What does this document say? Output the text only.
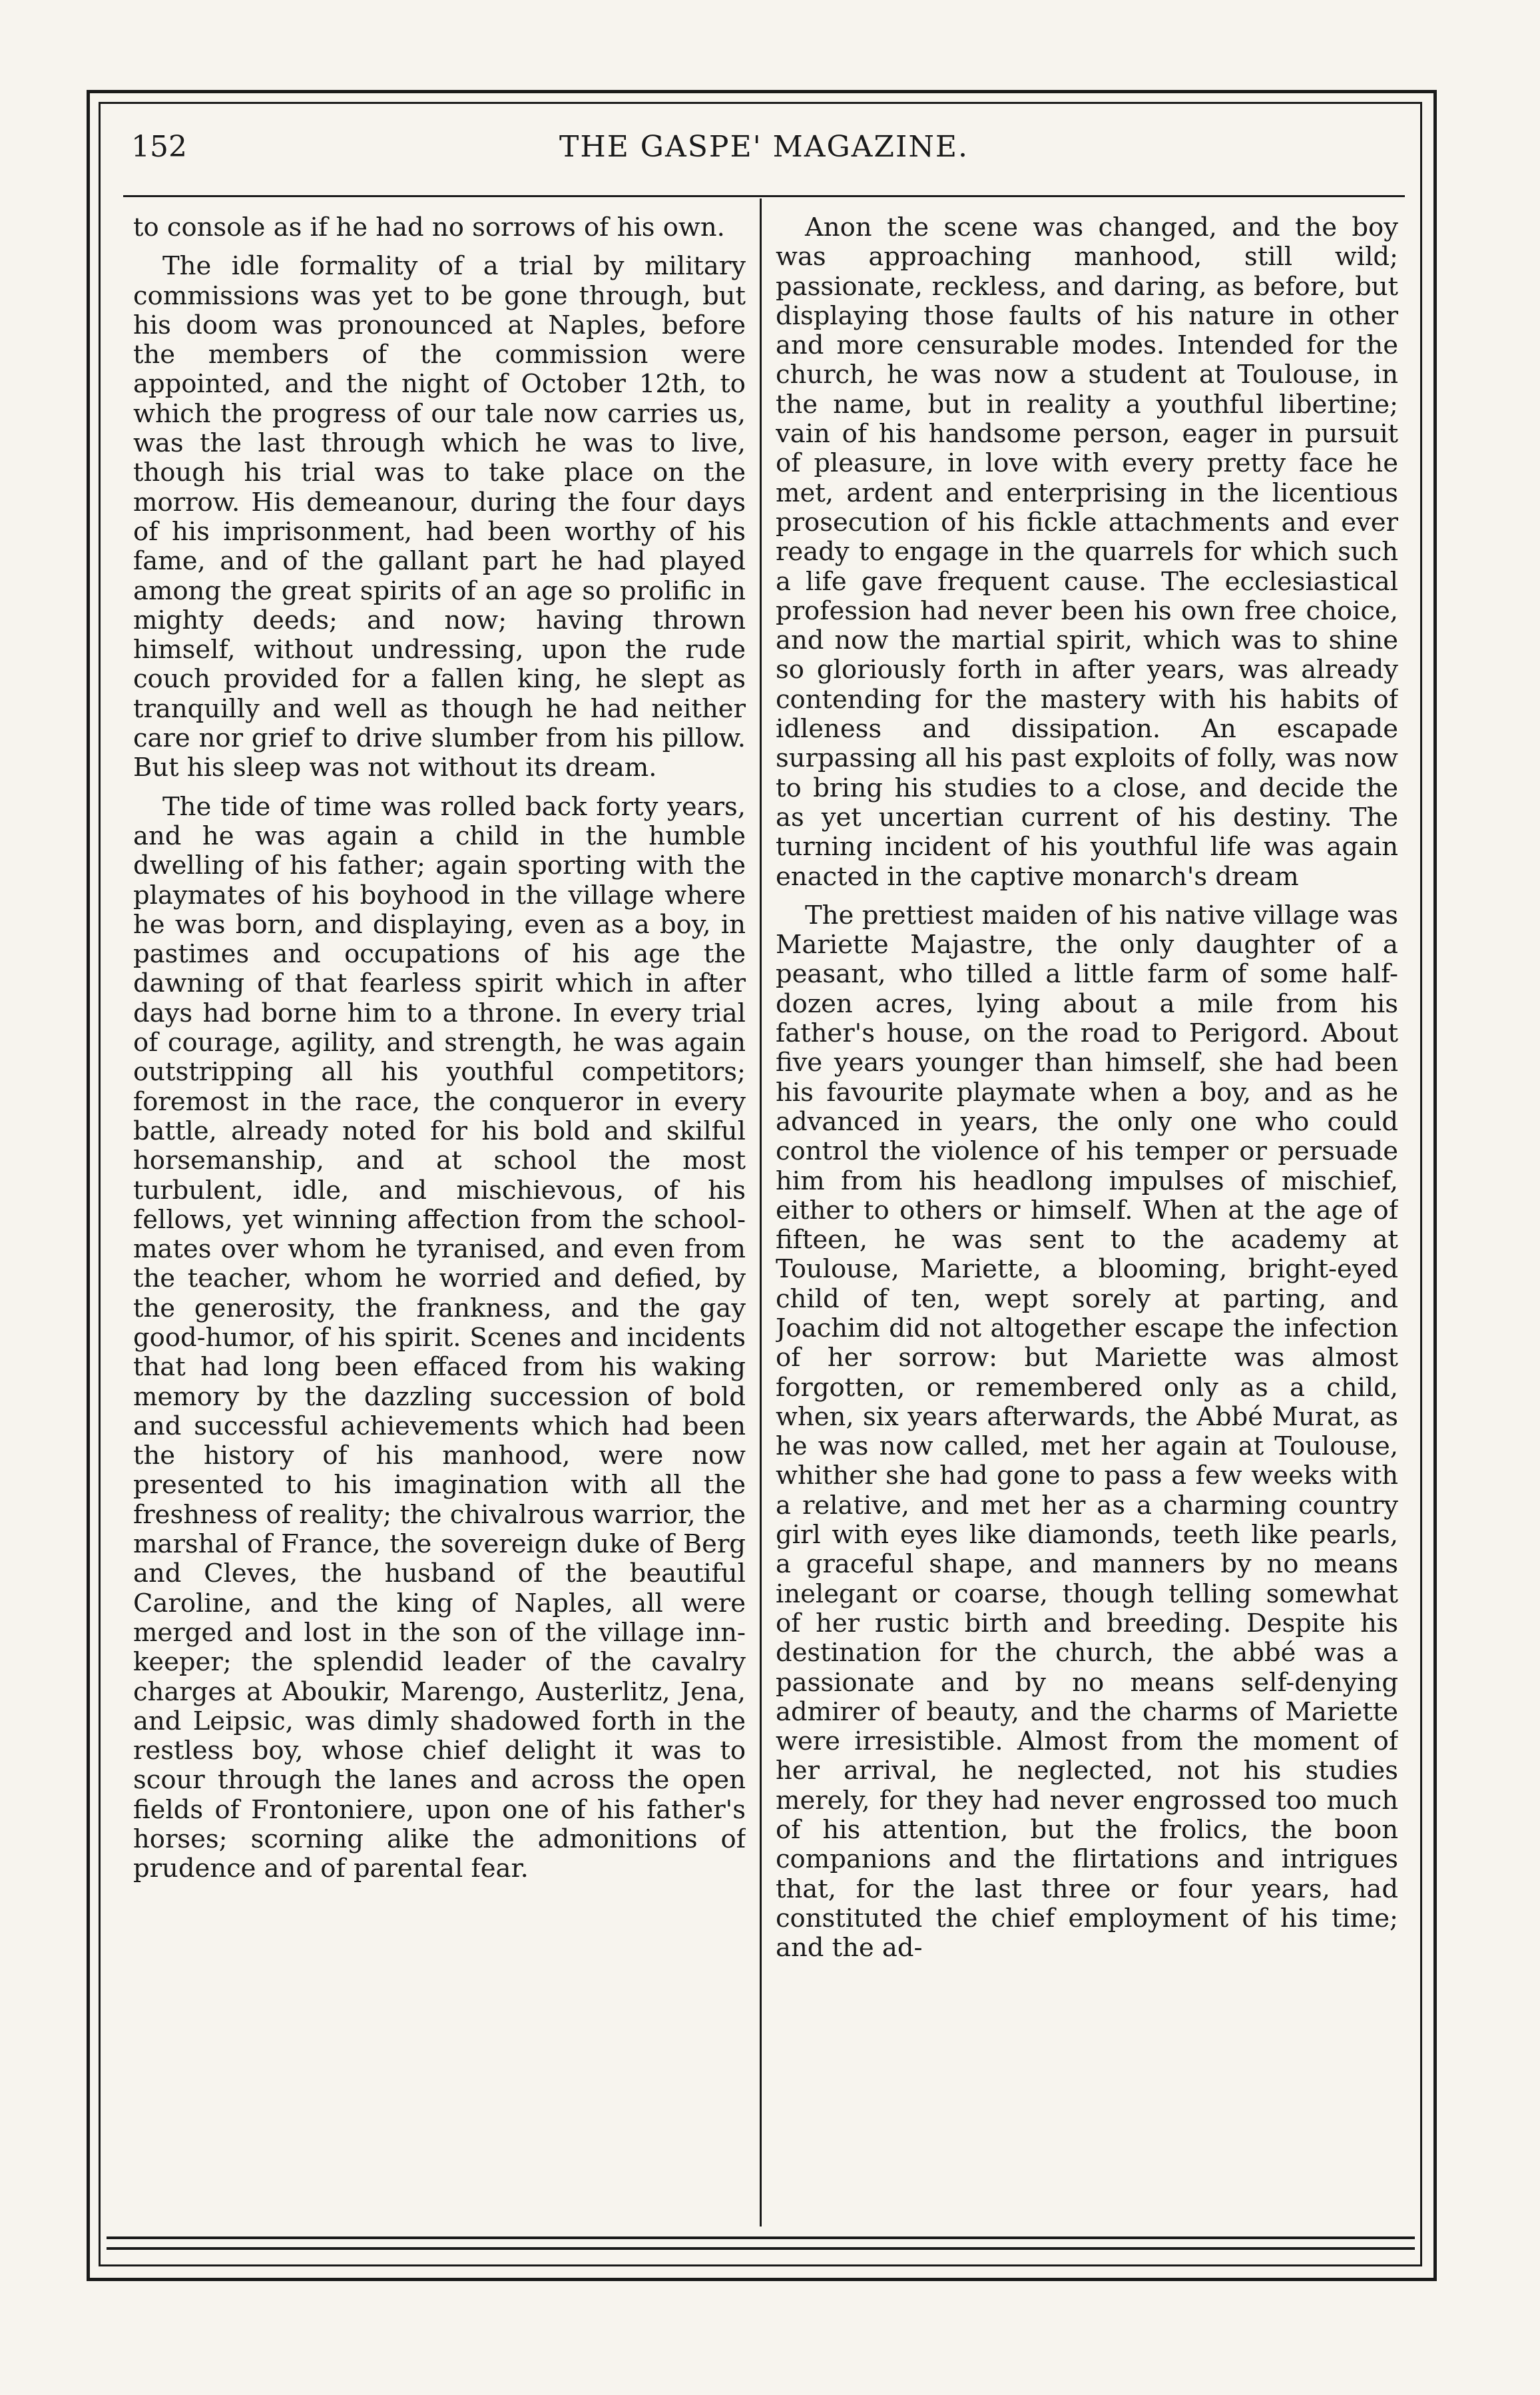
152	THE GASPE' MAGAZINE.

to console as if he had no sorrows of his own.

The idle formality of a trial by military commissions was yet to be gone through, but his doom was pronounced at Naples, before the members of the commission were appointed, and the night of October 12th, to which the progress of our tale now carries us, was the last through which he was to live, though his trial was to take place on the morrow. His demeanour, during the four days of his imprisonment, had been worthy of his fame, and of the gallant part he had played among the great spirits of an age so prolific in mighty deeds; and now; having thrown himself, without undressing, upon the rude couch provided for a fallen king, he slept as tranquilly and well as though he had neither care nor grief to drive slumber from his pillow. But his sleep was not without its dream.

The tide of time was rolled back forty years, and he was again a child in the humble dwelling of his father; again sporting with the playmates of his boyhood in the village where he was born, and displaying, even as a boy, in pastimes and occupations of his age the dawning of that fearless spirit which in after days had borne him to a throne. In every trial of courage, agility, and strength, he was again outstripping all his youthful competitors; foremost in the race, the conqueror in every battle, already noted for his bold and skilful horsemanship, and at school the most turbulent, idle, and mischievous, of his fellows, yet winning affection from the school-mates over whom he tyranised, and even from the teacher, whom he worried and defied, by the generosity, the frankness, and the gay good-humor, of his spirit. Scenes and incidents that had long been effaced from his waking memory by the dazzling succession of bold and successful achievements which had been the history of his manhood, were now presented to his imagination with all the freshness of reality; the chivalrous warrior, the marshal of France, the sovereign duke of Berg and Cleves, the husband of the beautiful Caroline, and the king of Naples, all were merged and lost in the son of the village inn-keeper; the splendid leader of the cavalry charges at Aboukir, Marengo, Austerlitz, Jena, and Leipsic, was dimly shadowed forth in the restless boy, whose chief delight it was to scour through the lanes and across the open fields of Frontoniere, upon one of his father's horses; scorning alike the admonitions of prudence and of parental fear.

Anon the scene was changed, and the boy was approaching manhood, still wild; passionate, reckless, and daring, as before, but displaying those faults of his nature in other and more censurable modes. Intended for the church, he was now a student at Toulouse, in the name, but in reality a youthful libertine; vain of his handsome person, eager in pursuit of pleasure, in love with every pretty face he met, ardent and enterprising in the licentious prosecution of his fickle attachments and ever ready to engage in the quarrels for which such a life gave frequent cause. The ecclesiastical profession had never been his own free choice, and now the martial spirit, which was to shine so gloriously forth in after years, was already contending for the mastery with his habits of idleness and dissipation. An escapade surpassing all his past exploits of folly, was now to bring his studies to a close, and decide the as yet uncertian current of his destiny. The turning incident of his youthful life was again enacted in the captive monarch's dream

The prettiest maiden of his native village was Mariette Majastre, the only daughter of a peasant, who tilled a little farm of some half-dozen acres, lying about a mile from his father's house, on the road to Perigord. About five years younger than himself, she had been his favourite playmate when a boy, and as he advanced in years, the only one who could control the violence of his temper or persuade him from his headlong impulses of mischief, either to others or himself. When at the age of fifteen, he was sent to the academy at Toulouse, Mariette, a blooming, bright-eyed child of ten, wept sorely at parting, and Joachim did not altogether escape the infection of her sorrow: but Mariette was almost forgotten, or remembered only as a child, when, six years afterwards, the Abbé Murat, as he was now called, met her again at Toulouse, whither she had gone to pass a few weeks with a relative, and met her as a charming country girl with eyes like diamonds, teeth like pearls, a graceful shape, and manners by no means inelegant or coarse, though telling somewhat of her rustic birth and breeding. Despite his destination for the church, the abbé was a passionate and by no means self-denying admirer of beauty, and the charms of Mariette were irresistible. Almost from the moment of her arrival, he neglected, not his studies merely, for they had never engrossed too much of his attention, but the frolics, the boon companions and the flirtations and intrigues that, for the last three or four years, had constituted the chief employment of his time; and the ad-
